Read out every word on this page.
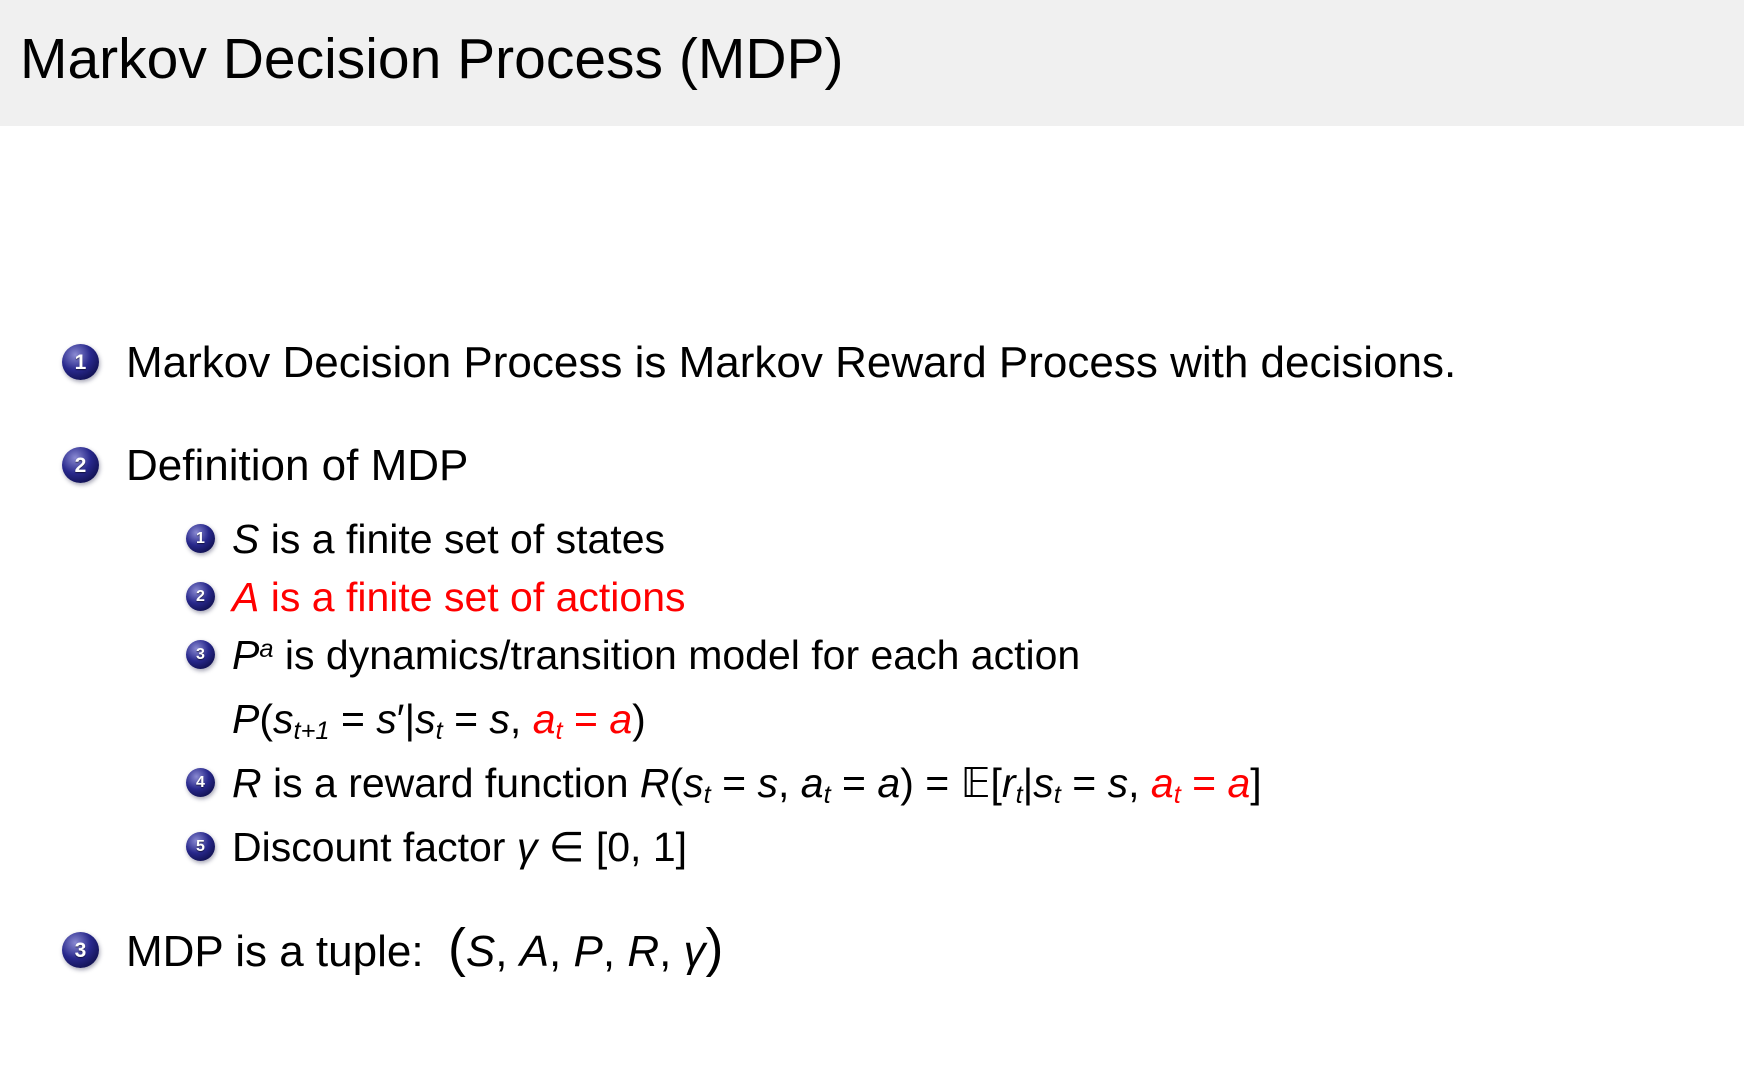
Markov Decision Process (MDP)
1 Markov Decision Process is Markov Reward Process with decisions.
2 Definition of MDP
1 S is a finite set of states
2 A is a finite set of actions
3 $P^a$ is dynamics/transition model for each action
P(st+1 = s′|st = s, at = a)
4 R is a reward function R(st = s, at = a) = 𝔼[rt|st = s, at = a]
5 Discount factor γ ∈ [0, 1]
3 MDP is a tuple:  (S, A, P, R, γ)
